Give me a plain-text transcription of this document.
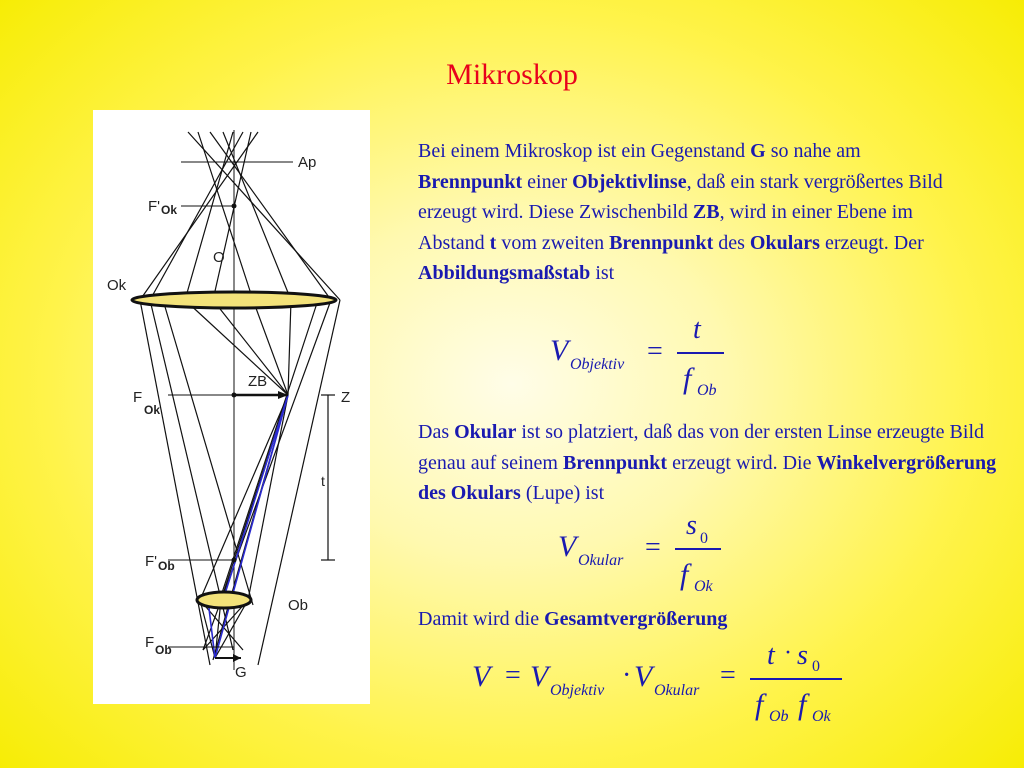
Mikroskop
Ap
F' Ok
O
Ok
ZB
F
Ok
Z
t
F' Ob
Ob
F Ob
G
Bei einem Mikroskop ist ein Gegenstand G so nahe am Brennpunkt einer Objektivlinse, daß ein stark vergrößertes Bild erzeugt wird. Diese Zwischenbild ZB, wird in einer Ebene im Abstand t vom zweiten Brennpunkt des Okulars erzeugt. Der Abbildungsmaßstab ist
V Objektiv =
t
f Ob
Das Okular ist so platziert, daß das von der ersten Linse erzeugte Bild genau auf seinem Brennpunkt erzeugt wird. Die Winkelvergrößerung des Okulars (Lupe) ist
V Okular =
s 0
f Ok
Damit wird die Gesamtvergrößerung
V = V Objektiv · V Okular =
t · s 0
f Ob f Ok
